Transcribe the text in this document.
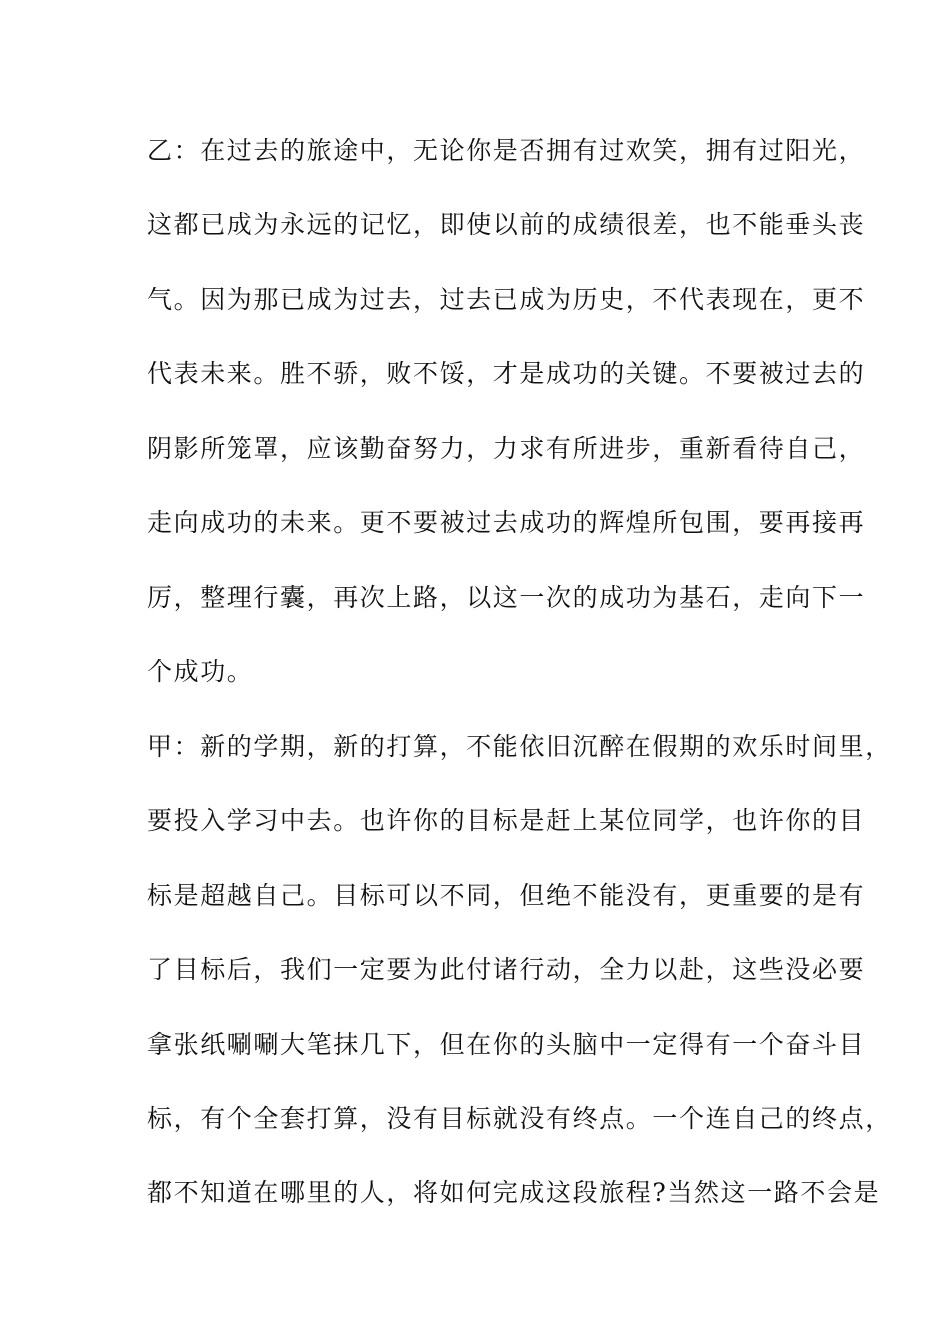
乙：在过去的旅途中，无论你是否拥有过欢笑，拥有过阳光，
这都已成为永远的记忆，即使以前的成绩很差，也不能垂头丧
气。因为那已成为过去，过去已成为历史，不代表现在，更不
代表未来。胜不骄，败不馁，才是成功的关键。不要被过去的
阴影所笼罩，应该勤奋努力，力求有所进步，重新看待自己，
走向成功的未来。更不要被过去成功的辉煌所包围，要再接再
厉，整理行囊，再次上路，以这一次的成功为基石，走向下一
个成功。
甲：新的学期，新的打算，不能依旧沉醉在假期的欢乐时间里，
要投入学习中去。也许你的目标是赶上某位同学，也许你的目
标是超越自己。目标可以不同，但绝不能没有，更重要的是有
了目标后，我们一定要为此付诸行动，全力以赴，这些没必要
拿张纸唰唰大笔抹几下，但在你的头脑中一定得有一个奋斗目
标，有个全套打算，没有目标就没有终点。一个连自己的终点，
都不知道在哪里的人，将如何完成这段旅程?当然这一路不会是
